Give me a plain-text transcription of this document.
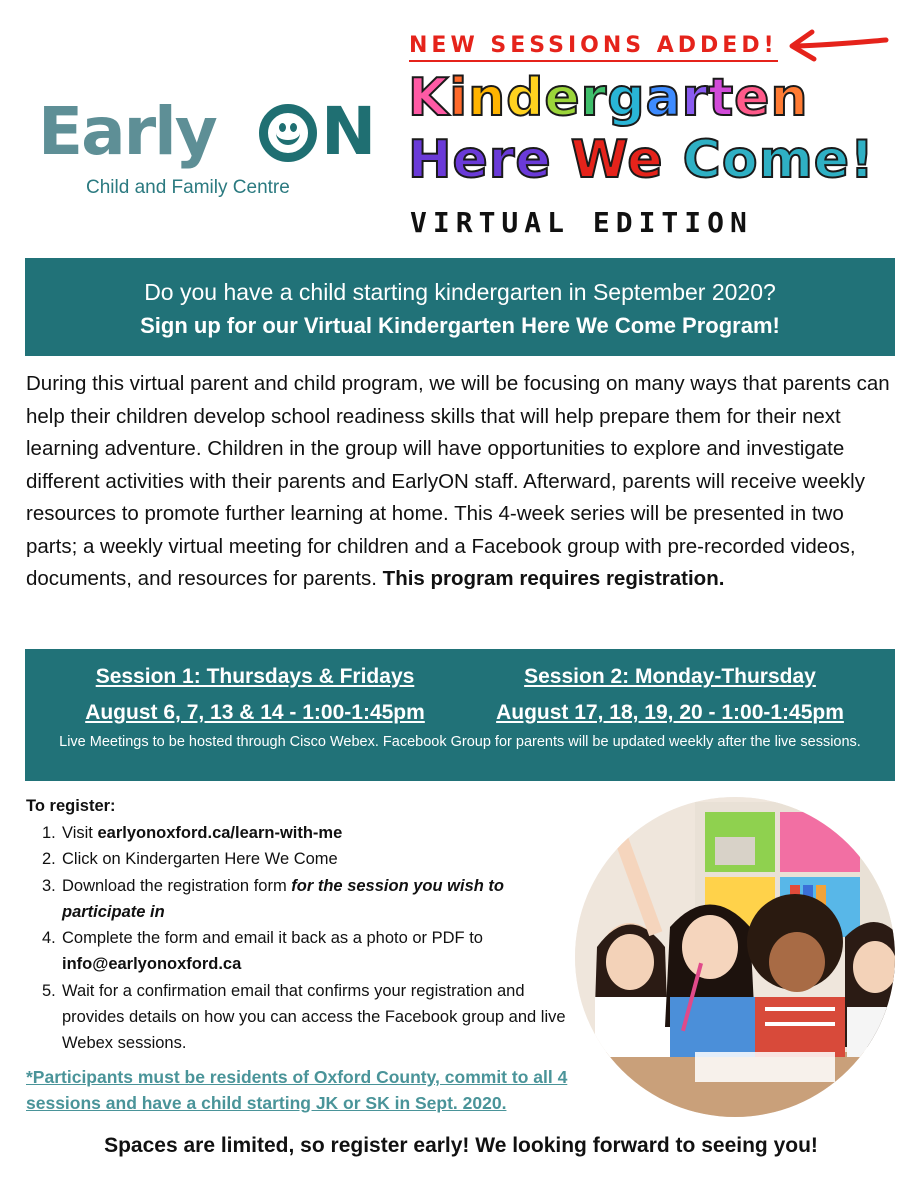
Early N
Child and Family Centre
NEW SESSIONS ADDED!
Kindergarten
Here We Come!
VIRTUAL EDITION
Do you have a child starting kindergarten in September 2020?
Sign up for our Virtual Kindergarten Here We Come Program!
During this virtual parent and child program, we will be focusing on many ways that parents can help their children develop school readiness skills that will help prepare them for their next learning adventure. Children in the group will have opportunities to explore and investigate different activities with their parents and EarlyON staff. Afterward, parents will receive weekly resources to promote further learning at home. This 4-week series will be presented in two parts; a weekly virtual meeting for children and a Facebook group with pre-recorded videos, documents, and resources for parents. This program requires registration.
Session 1: Thursdays & Fridays
August 6, 7, 13 & 14 - 1:00-1:45pm
Session 2: Monday-Thursday
August 17, 18, 19, 20 - 1:00-1:45pm
Live Meetings to be hosted through Cisco Webex. Facebook Group for parents will be updated weekly after the live sessions.
To register:
1. Visit earlyonoxford.ca/learn-with-me
2. Click on Kindergarten Here We Come
3. Download the registration form for the session you wish to participate in
4. Complete the form and email it back as a photo or PDF to info@earlyonoxford.ca
5. Wait for a confirmation email that confirms your registration and provides details on how you can access the Facebook group and live Webex sessions.
*Participants must be residents of Oxford County, commit to all 4 sessions and have a child starting JK or SK in Sept. 2020.
Spaces are limited, so register early! We looking forward to seeing you!
